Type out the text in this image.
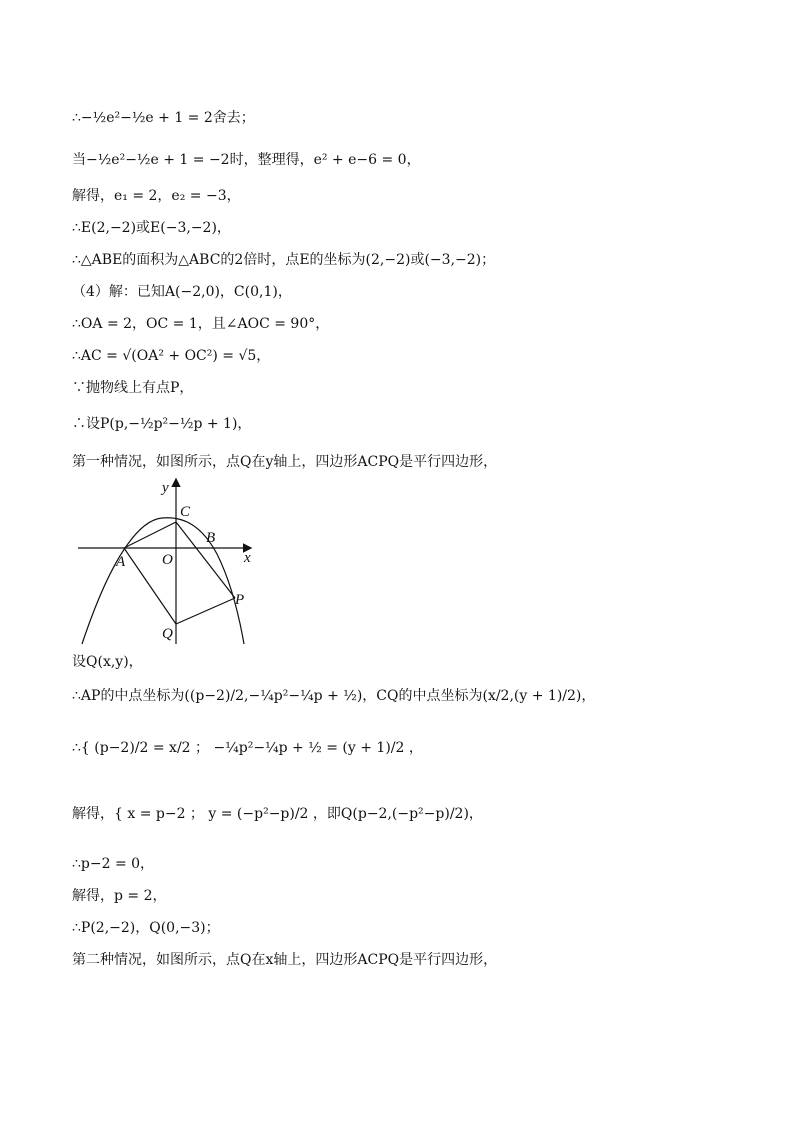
∴−½e²−½e + 1 = 2舍去；
当−½e²−½e + 1 = −2时，整理得，e² + e−6 = 0，
解得，e₁ = 2，e₂ = −3，
∴E(2,−2)或E(−3,−2)，
∴△ABE的面积为△ABC的2倍时，点E的坐标为(2,−2)或(−3,−2)；
（4）解：已知A(−2,0)，C(0,1)，
∴OA = 2，OC = 1，且∠AOC = 90°，
∴AC = √(OA² + OC²) = √5，
∵抛物线上有点P，
∴设P(p,−½p²−½p + 1)，
第一种情况，如图所示，点Q在y轴上，四边形ACPQ是平行四边形，
y
x
C
B
A O
P
Q
设Q(x,y)，
∴AP的中点坐标为((p−2)/2,−¼p²−¼p + ½)，CQ的中点坐标为(x/2,(y + 1)/2)，
∴{ (p−2)/2 = x/2 ； −¼p²−¼p + ½ = (y + 1)/2 ，
解得，{ x = p−2 ； y = (−p²−p)/2 ，即Q(p−2,(−p²−p)/2)，
∴p−2 = 0，
解得，p = 2，
∴P(2,−2)，Q(0,−3)；
第二种情况，如图所示，点Q在x轴上，四边形ACPQ是平行四边形，
